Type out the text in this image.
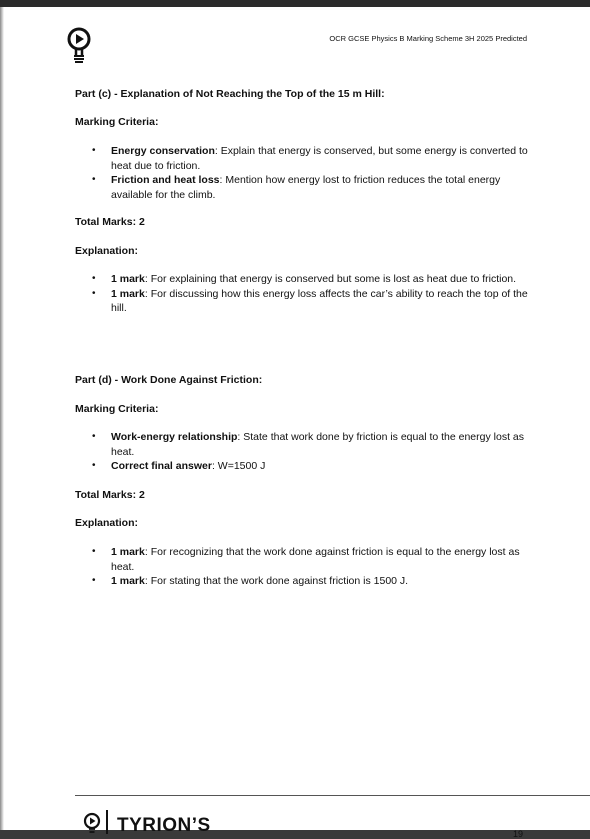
OCR GCSE Physics B Marking Scheme 3H 2025 Predicted
Part (c) - Explanation of Not Reaching the Top of the 15 m Hill:
Marking Criteria:
• Energy conservation: Explain that energy is conserved, but some energy is converted to heat due to friction.
• Friction and heat loss: Mention how energy lost to friction reduces the total energy available for the climb.
Total Marks: 2
Explanation:
• 1 mark: For explaining that energy is conserved but some is lost as heat due to friction.
• 1 mark: For discussing how this energy loss affects the car’s ability to reach the top of the hill.
Part (d) - Work Done Against Friction:
Marking Criteria:
• Work-energy relationship: State that work done by friction is equal to the energy lost as heat.
• Correct final answer: W=1500 J
Total Marks: 2
Explanation:
• 1 mark: For recognizing that the work done against friction is equal to the energy lost as heat.
• 1 mark: For stating that the work done against friction is 1500 J.
TYRION’S	19
